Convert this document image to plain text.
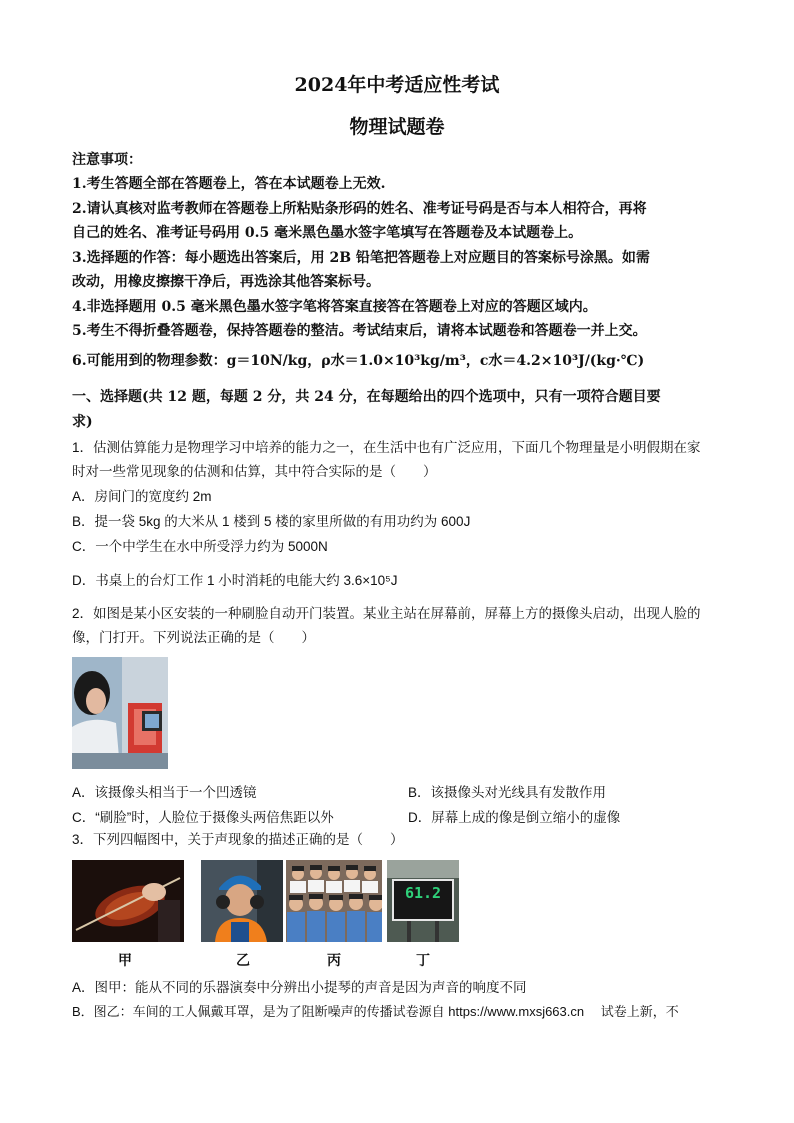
2024年中考适应性考试
物理试题卷
注意事项：
1.考生答题全部在答题卷上，答在本试题卷上无效.
2.请认真核对监考教师在答题卷上所粘贴条形码的姓名、准考证号码是否与本人相符合，再将
自己的姓名、准考证号码用 0.5 毫米黑色墨水签字笔填写在答题卷及本试题卷上。
3.选择题的作答：每小题选出答案后，用 2B 铅笔把答题卷上对应题目的答案标号涂黑。如需
改动，用橡皮擦擦干净后，再选涂其他答案标号。
4.非选择题用 0.5 毫米黑色墨水签字笔将答案直接答在答题卷上对应的答题区域内。
5.考生不得折叠答题卷，保持答题卷的整洁。考试结束后，请将本试题卷和答题卷一并上交。
6.可能用到的物理参数：g＝10N/kg，ρ水＝1.0×10³kg/m³，c水＝4.2×10³J/(kg·℃)
一、选择题(共 12 题，每题 2 分，共 24 分，在每题给出的四个选项中，只有一项符合题目要
求)
1．估测估算能力是物理学习中培养的能力之一，在生活中也有广泛应用，下面几个物理量是小明假期在家
时对一些常见现象的估测和估算，其中符合实际的是（　　）
A．房间门的宽度约 2m
B．提一袋 5kg 的大米从 1 楼到 5 楼的家里所做的有用功约为 600J
C．一个中学生在水中所受浮力约为 5000N
D．书桌上的台灯工作 1 小时消耗的电能大约 3.6×10⁵J
2．如图是某小区安装的一种刷脸自动开门装置。某业主站在屏幕前，屏幕上方的摄像头启动，出现人脸的
像，门打开。下列说法正确的是（　　）
A．该摄像头相当于一个凹透镜	B．该摄像头对光线具有发散作用
C．“刷脸”时，人脸位于摄像头两倍焦距以外	D．屏幕上成的像是倒立缩小的虚像
3．下列四幅图中，关于声现象的描述正确的是（　　）
61.2
甲	乙	丙	丁
A．图甲：能从不同的乐器演奏中分辨出小提琴的声音是因为声音的响度不同
B．图乙：车间的工人佩戴耳罩，是为了阻断噪声的传播试卷源自 https://www.mxsj663.cn　 试卷上新，不
